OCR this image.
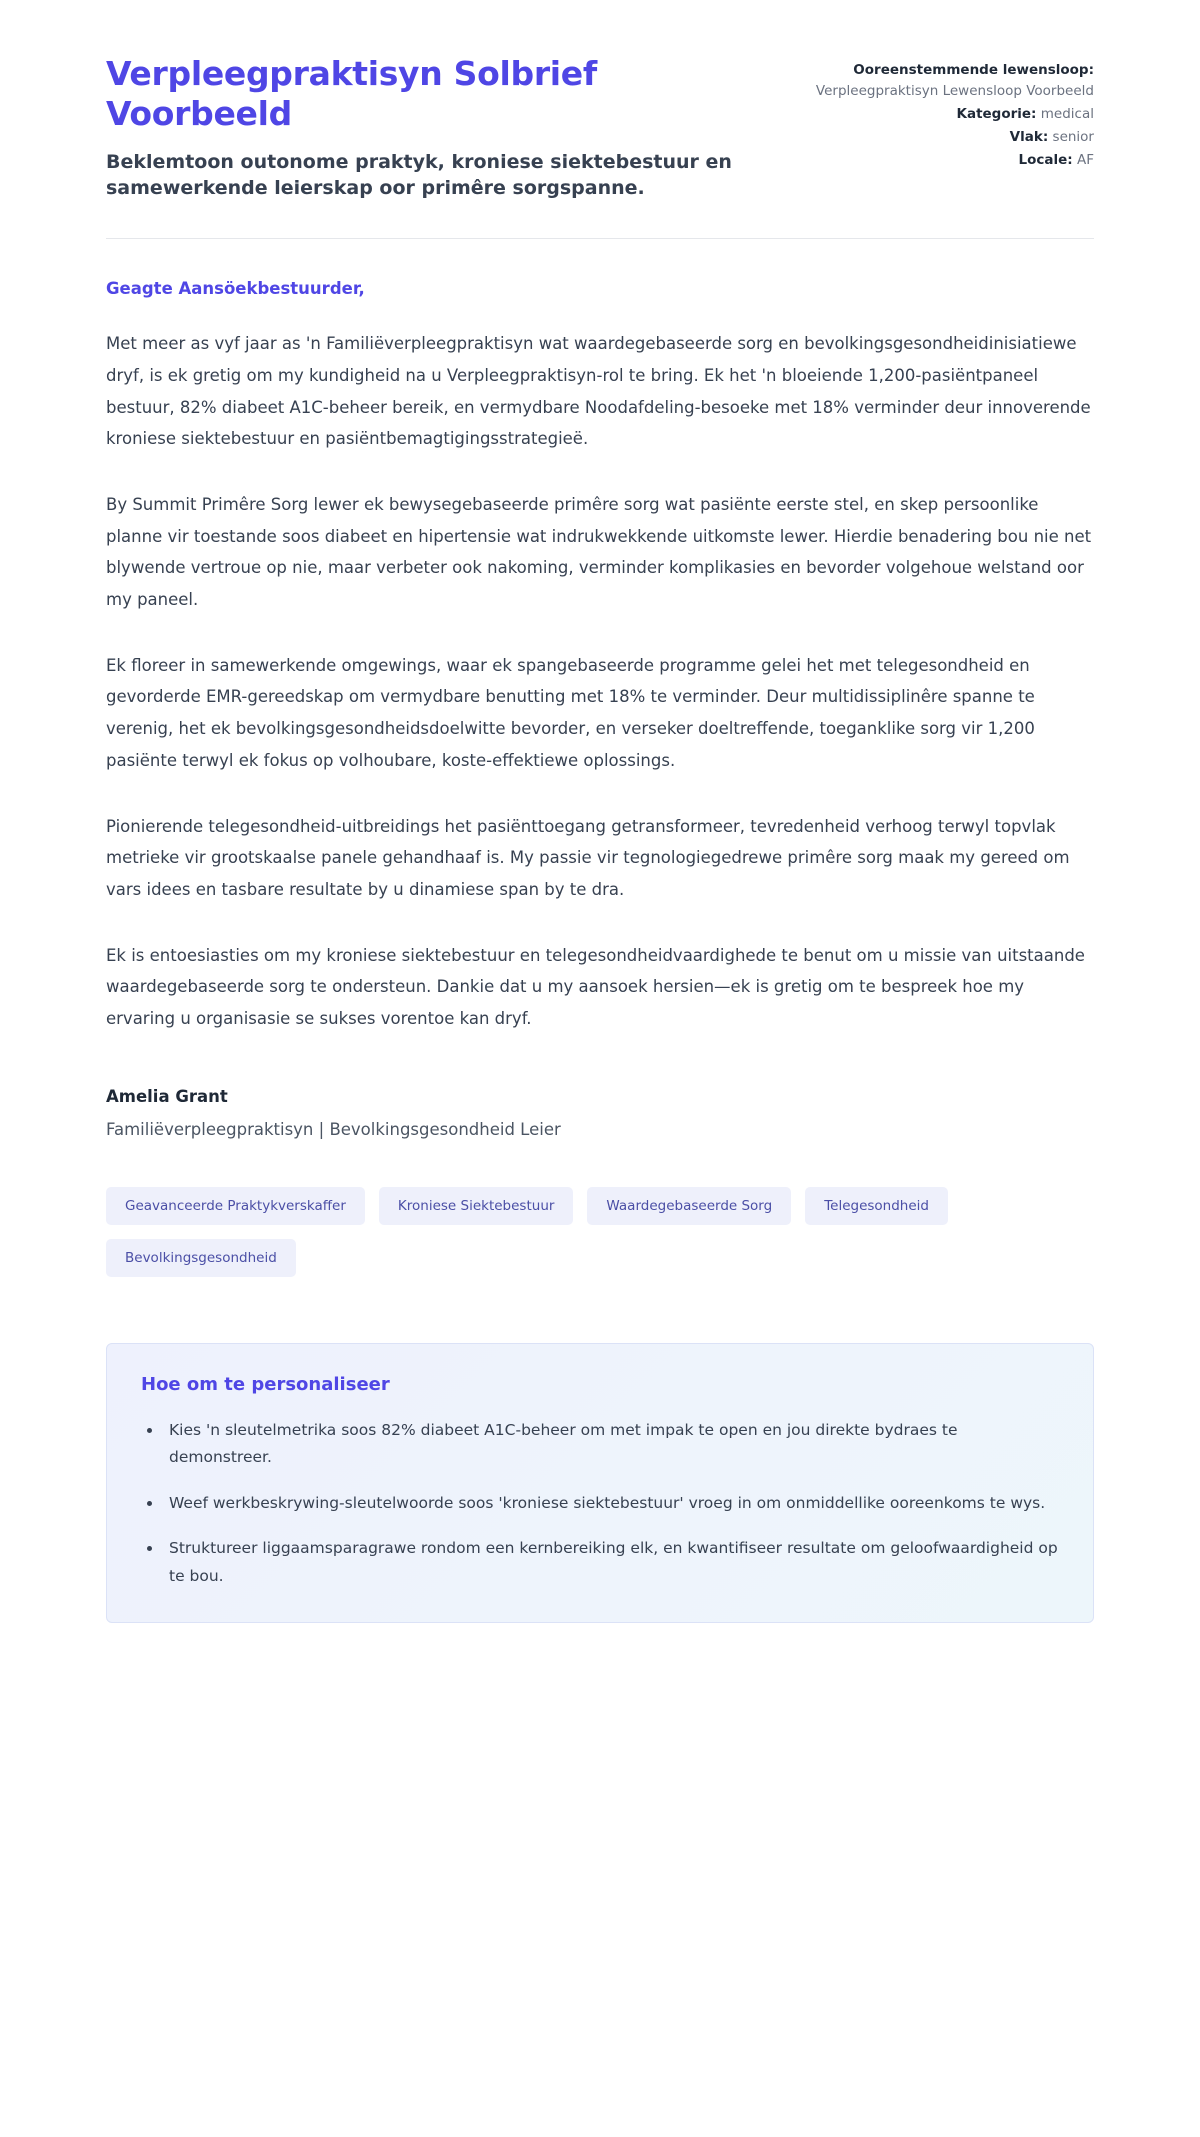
Verpleegpraktisyn Solbrief Voorbeeld

Beklemtoon outonome praktyk, kroniese siektebestuur en samewerkende leierskap oor primêre sorgspanne.

Ooreenstemmende lewensloop: Verpleegpraktisyn Lewensloop Voorbeeld
Kategorie: medical
Vlak: senior
Locale: AF

Geagte Aansöekbestuurder,

Met meer as vyf jaar as 'n Familiëverpleegpraktisyn wat waardegebaseerde sorg en bevolkingsgesondheidinisiatiewe dryf, is ek gretig om my kundigheid na u Verpleegpraktisyn-rol te bring. Ek het 'n bloeiende 1,200-pasiëntpaneel bestuur, 82% diabeet A1C-beheer bereik, en vermydbare Noodafdeling-besoeke met 18% verminder deur innoverende kroniese siektebestuur en pasiëntbemagtigingsstrategieë.

By Summit Primêre Sorg lewer ek bewysegebaseerde primêre sorg wat pasiënte eerste stel, en skep persoonlike planne vir toestande soos diabeet en hipertensie wat indrukwekkende uitkomste lewer. Hierdie benadering bou nie net blywende vertroue op nie, maar verbeter ook nakoming, verminder komplikasies en bevorder volgehoue welstand oor my paneel.

Ek floreer in samewerkende omgewings, waar ek spangebaseerde programme gelei het met telegesondheid en gevorderde EMR-gereedskap om vermydbare benutting met 18% te verminder. Deur multidissiplinêre spanne te verenig, het ek bevolkingsgesondheidsdoelwitte bevorder, en verseker doeltreffende, toeganklike sorg vir 1,200 pasiënte terwyl ek fokus op volhoubare, koste-effektiewe oplossings.

Pionierende telegesondheid-uitbreidings het pasiënttoegang getransformeer, tevredenheid verhoog terwyl topvlak metrieke vir grootskaalse panele gehandhaaf is. My passie vir tegnologiegedrewe primêre sorg maak my gereed om vars idees en tasbare resultate by u dinamiese span by te dra.

Ek is entoesiasties om my kroniese siektebestuur en telegesondheidvaardighede te benut om u missie van uitstaande waardegebaseerde sorg te ondersteun. Dankie dat u my aansoek hersien—ek is gretig om te bespreek hoe my ervaring u organisasie se sukses vorentoe kan dryf.

Amelia Grant

Familiëverpleegpraktisyn | Bevolkingsgesondheid Leier

Geavanceerde Praktykverskaffer	Kroniese Siektebestuur	Waardegebaseerde Sorg	Telegesondheid
Bevolkingsgesondheid
Hoe om te personaliseer
• Kies 'n sleutelmetrika soos 82% diabeet A1C-beheer om met impak te open en jou direkte bydraes te demonstreer.
• Weef werkbeskrywing-sleutelwoorde soos 'kroniese siektebestuur' vroeg in om onmiddellike ooreenkoms te wys.
• Struktureer liggaamsparagrawe rondom een kernbereiking elk, en kwantifiseer resultate om geloofwaardigheid op te bou.
